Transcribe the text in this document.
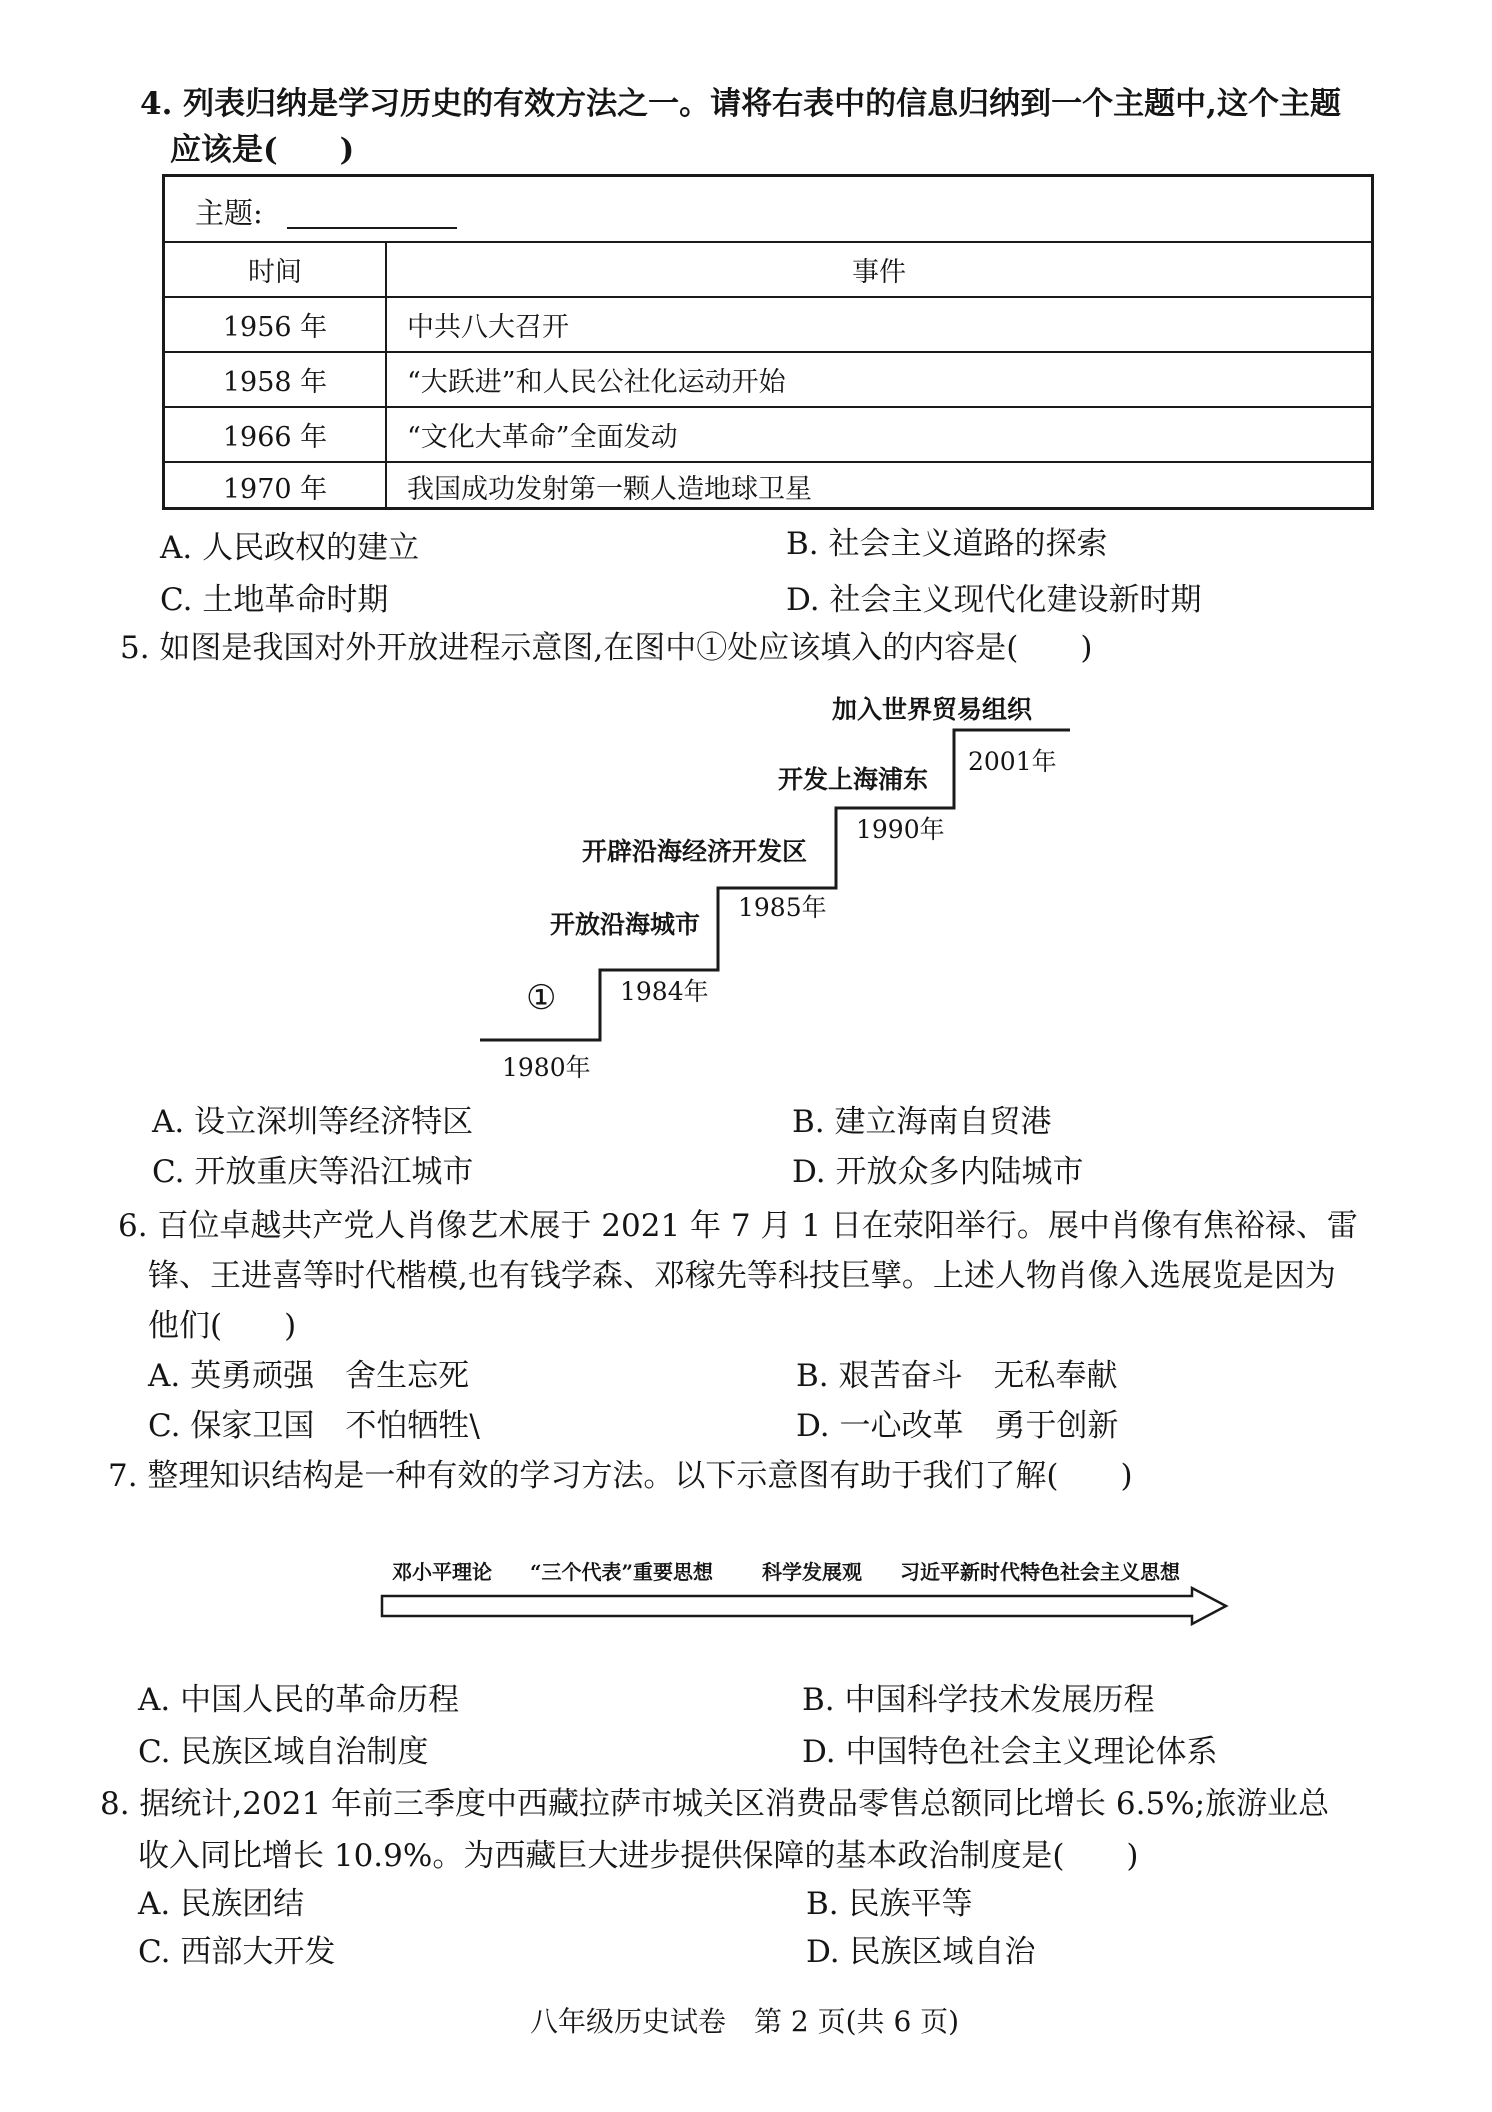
4. 列表归纳是学习历史的有效方法之一。请将右表中的信息归纳到一个主题中,这个主题
应该是(　　)
主题:
时间	事件
1956 年	中共八大召开
1958 年	“大跃进”和人民公社化运动开始
1966 年	“文化大革命”全面发动
1970 年	我国成功发射第一颗人造地球卫星
A. 人民政权的建立	B. 社会主义道路的探索
C. 土地革命时期	D. 社会主义现代化建设新时期
5. 如图是我国对外开放进程示意图,在图中①处应该填入的内容是(　　)
①
1980年
开放沿海城市
1984年
开辟沿海经济开发区
1985年
开发上海浦东
1990年
加入世界贸易组织
2001年
A. 设立深圳等经济特区	B. 建立海南自贸港
C. 开放重庆等沿江城市	D. 开放众多内陆城市
6. 百位卓越共产党人肖像艺术展于 2021 年 7 月 1 日在荥阳举行。展中肖像有焦裕禄、雷
锋、王进喜等时代楷模,也有钱学森、邓稼先等科技巨擘。上述人物肖像入选展览是因为
他们(　　)
A. 英勇顽强　舍生忘死	B. 艰苦奋斗　无私奉献
C. 保家卫国　不怕牺牲\	D. 一心改革　勇于创新
7. 整理知识结构是一种有效的学习方法。以下示意图有助于我们了解(　　)
邓小平理论 “三个代表”重要思想 科学发展观 习近平新时代特色社会主义思想
A. 中国人民的革命历程	B. 中国科学技术发展历程
C. 民族区域自治制度	D. 中国特色社会主义理论体系
8. 据统计,2021 年前三季度中西藏拉萨市城关区消费品零售总额同比增长 6.5%;旅游业总
收入同比增长 10.9%。为西藏巨大进步提供保障的基本政治制度是(　　)
A. 民族团结	B. 民族平等
C. 西部大开发	D. 民族区域自治
八年级历史试卷　第 2 页(共 6 页)
